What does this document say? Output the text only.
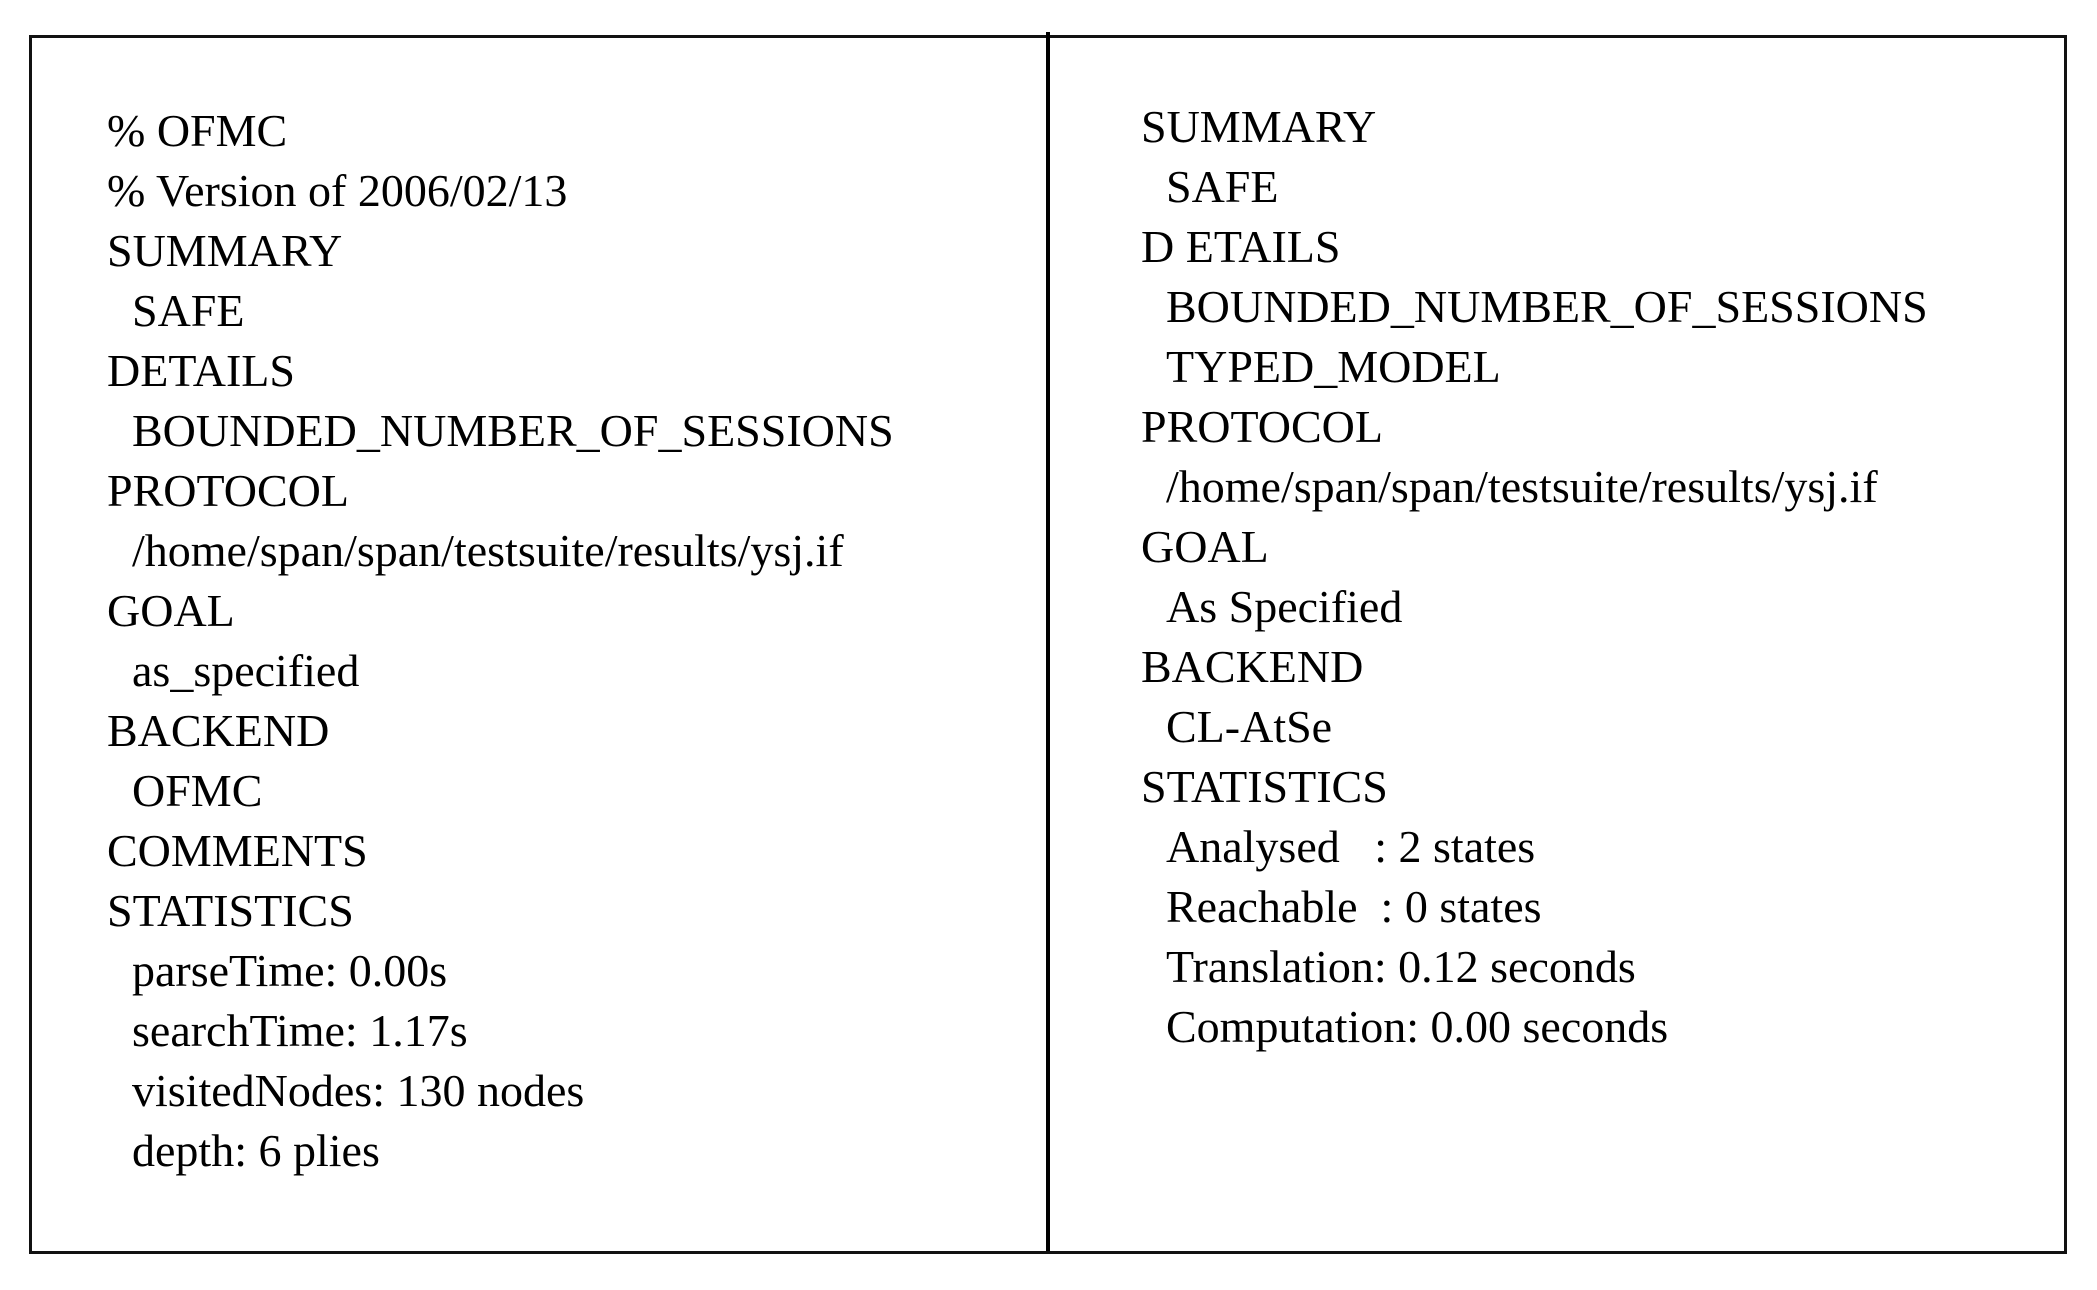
% OFMC
% Version of 2006/02/13
SUMMARY
SAFE
DETAILS
BOUNDED_NUMBER_OF_SESSIONS
PROTOCOL
/home/span/span/testsuite/results/ysj.if
GOAL
as_specified
BACKEND
OFMC
COMMENTS
STATISTICS
parseTime: 0.00s
searchTime: 1.17s
visitedNodes: 130 nodes
depth: 6 plies
SUMMARY
SAFE
D ETAILS
BOUNDED_NUMBER_OF_SESSIONS
TYPED_MODEL
PROTOCOL
/home/span/span/testsuite/results/ysj.if
GOAL
As Specified
BACKEND
CL-AtSe
STATISTICS
Analysed   : 2 states
Reachable  : 0 states
Translation: 0.12 seconds
Computation: 0.00 seconds
